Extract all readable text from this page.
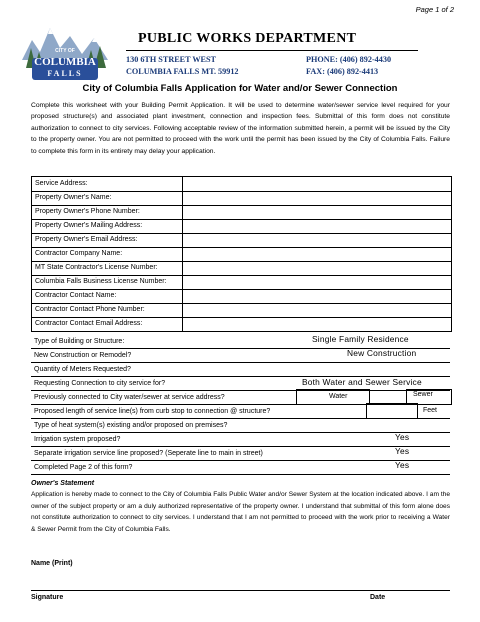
Page 1 of 2
CITY OF
COLUMBIA
FALLS
PUBLIC WORKS DEPARTMENT
130 6TH STREET WEST
COLUMBIA FALLS MT. 59912
PHONE: (406) 892-4430
FAX: (406) 892-4413
City of Columbia Falls Application for Water and/or Sewer Connection
Complete this worksheet with your Building Permit Application. It will be used to determine water/sewer service level required for your proposed structure(s) and associated plant investment, connection and inspection fees. Submittal of this form does not constitute authorization to connect to city services. Following acceptable review of the information submitted herein, a permit will be issued by the City to the property owner. You are not permitted to proceed with the work until the permit has been issued by the City of Columbia Falls. Failure to complete this form in its entirety may delay your application.
Service Address:
Property Owner's Name:
Property Owner's Phone Number:
Property Owner's Mailing Address:
Property Owner's Email Address:
Contractor Company Name:
MT State Contractor's License Number:
Columbia Falls Business License Number:
Contractor Contact Name:
Contractor Contact Phone Number:
Contractor Contact Email Address:
Type of Building or Structure:	Single Family Residence
New Construction or Remodel?	New Construction
Quantity of Meters Requested?
Requesting Connection to city service for?	Both Water and Sewer Service
Previously connected to City water/sewer at service address?	Water	Sewer
Proposed length of service line(s) from curb stop to connection @ structure?	Feet
Type of heat system(s) existing and/or proposed on premises?
Irrigation system proposed?	Yes
Separate irrigation service line proposed? (Seperate line to main in street)	Yes
Completed Page 2 of this form?	Yes
Owner's Statement
Application is hereby made to connect to the City of Columbia Falls Public Water and/or Sewer System at the location indicated above. I am the owner of the subject property or am a duly authorized representative of the property owner. I understand that submittal of this form alone does not constitute authorization to connect to city services. I understand that I am not permitted to proceed with the work prior to receiving a Water & Sewer Permit from the City of Columbia Falls.
Name (Print)
Signature	Date
